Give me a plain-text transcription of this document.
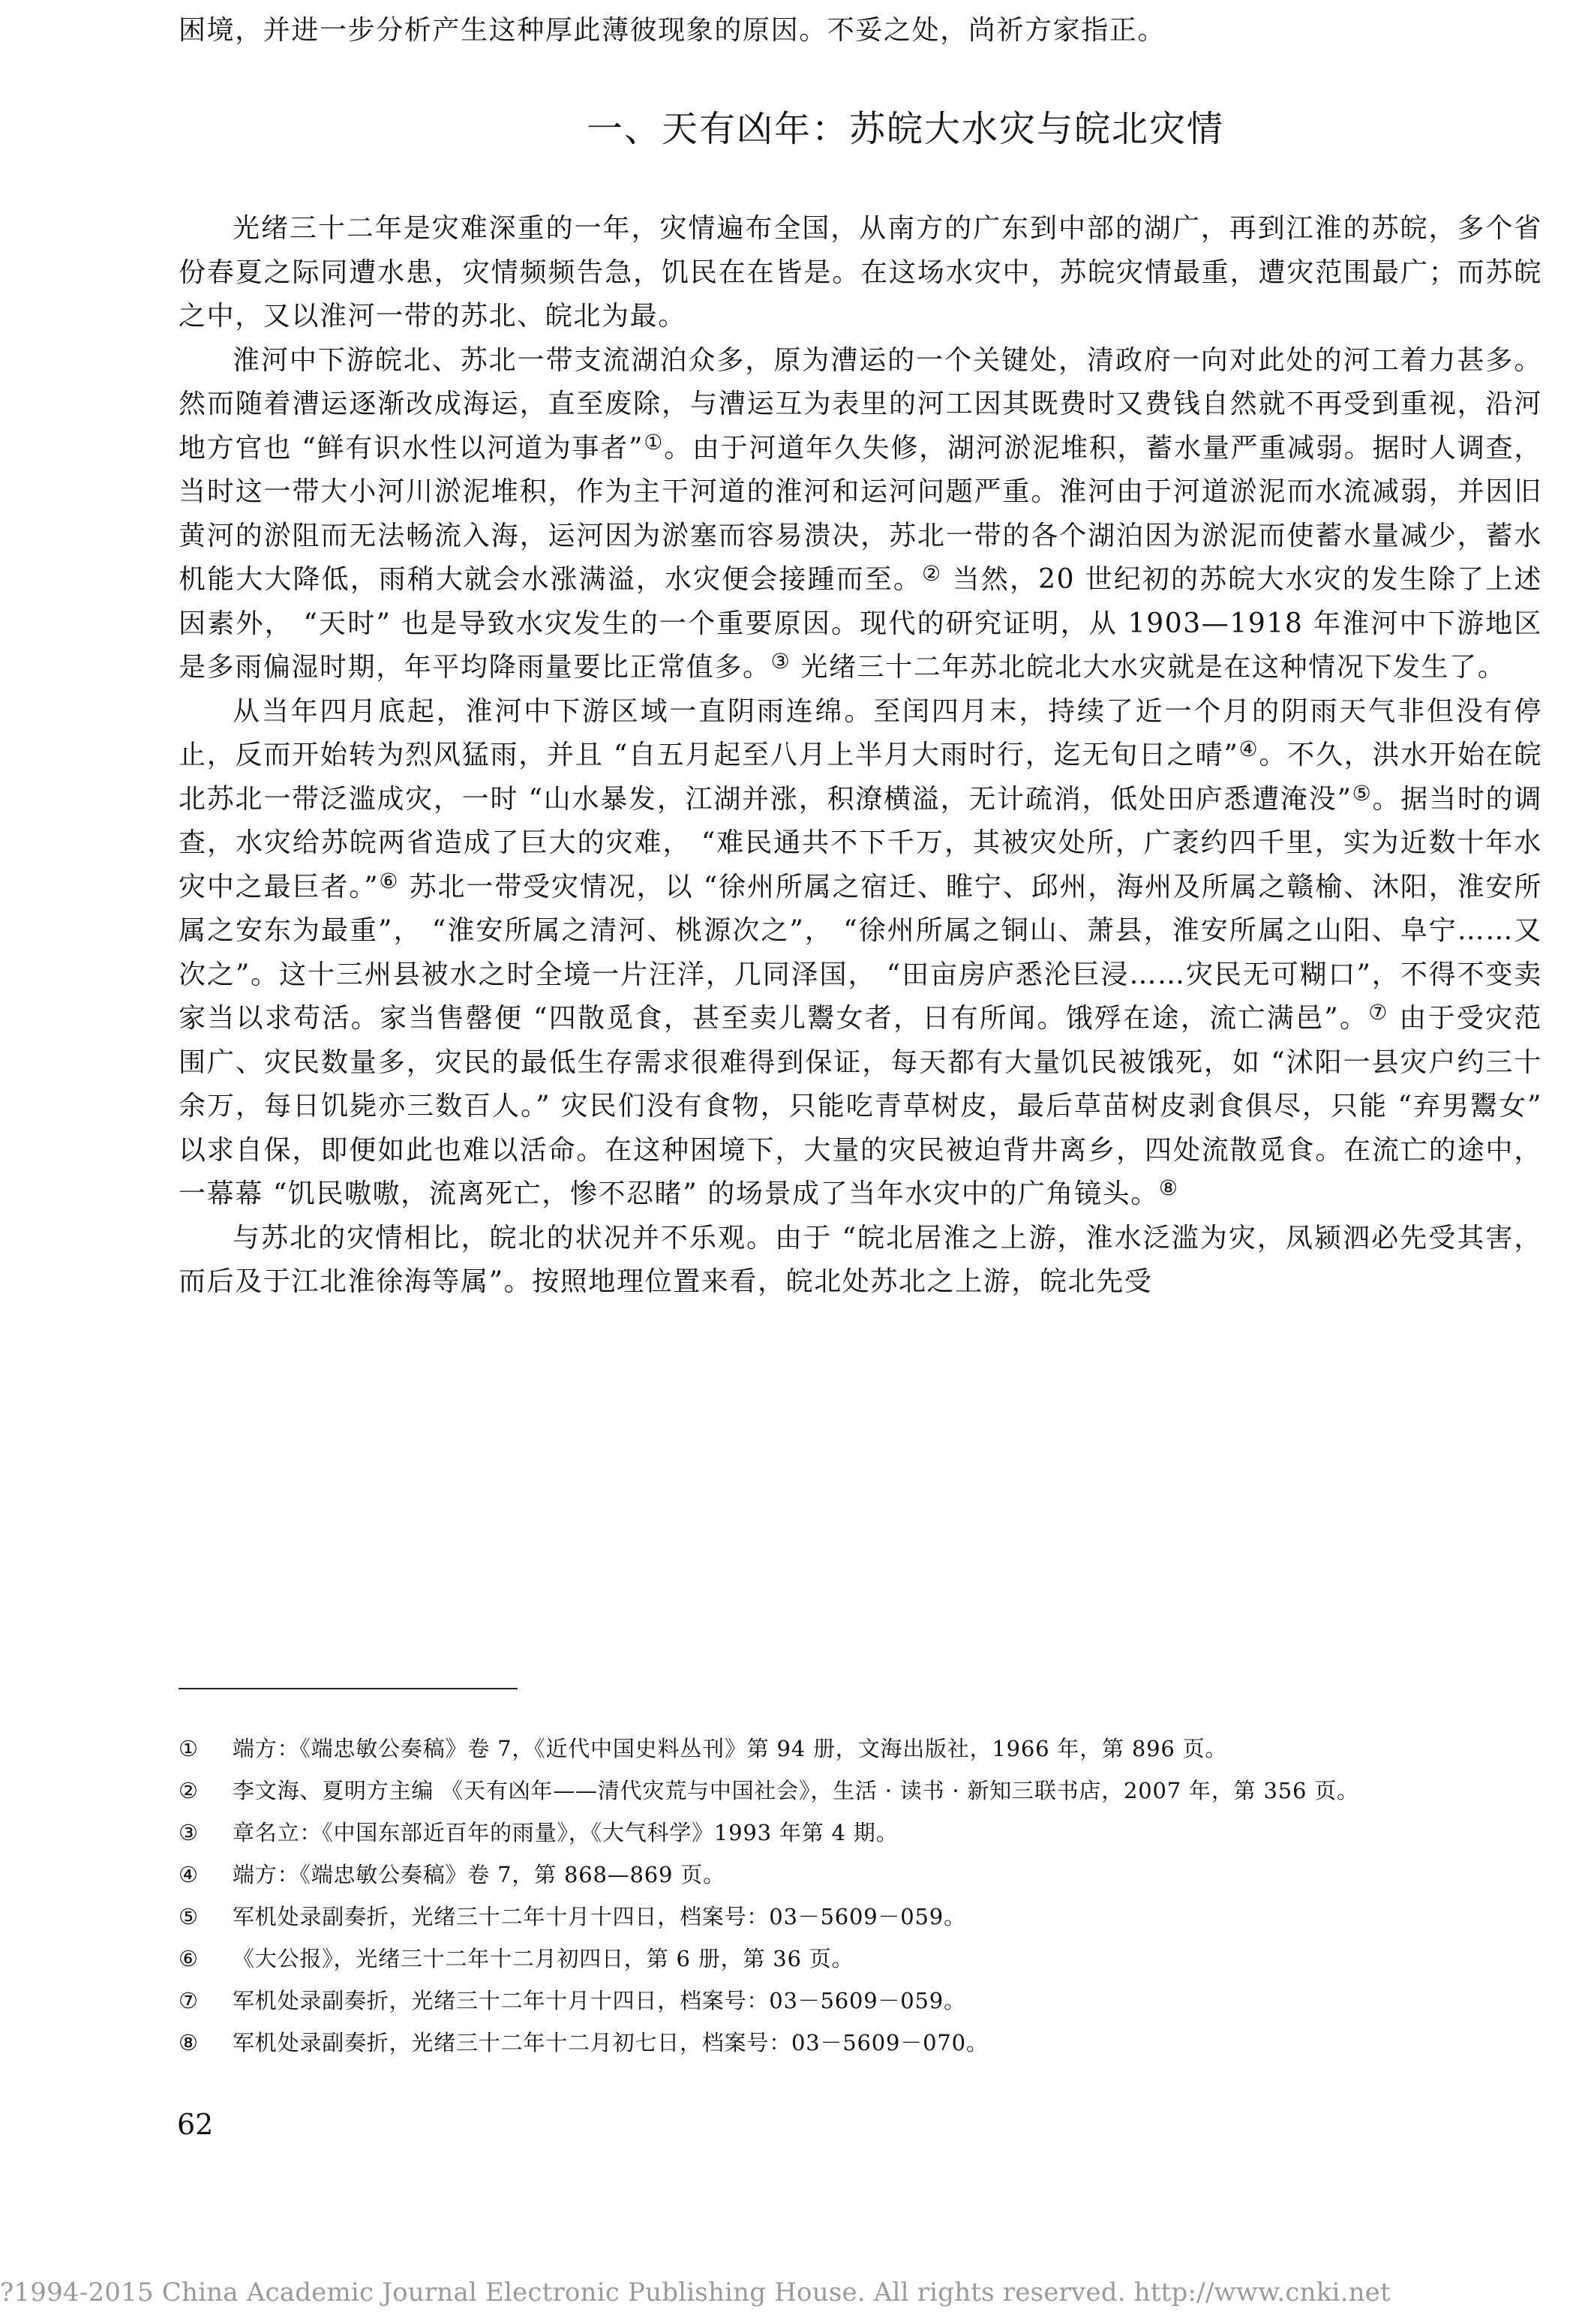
困境，并进一步分析产生这种厚此薄彼现象的原因。不妥之处，尚祈方家指正。
一、天有凶年：苏皖大水灾与皖北灾情

光绪三十二年是灾难深重的一年，灾情遍布全国，从南方的广东到中部的湖广，再到江淮的苏皖，多个省份春夏之际同遭水患，灾情频频告急，饥民在在皆是。在这场水灾中，苏皖灾情最重，遭灾范围最广；而苏皖之中，又以淮河一带的苏北、皖北为最。

淮河中下游皖北、苏北一带支流湖泊众多，原为漕运的一个关键处，清政府一向对此处的河工着力甚多。然而随着漕运逐渐改成海运，直至废除，与漕运互为表里的河工因其既费时又费钱自然就不再受到重视，沿河地方官也 “鲜有识水性以河道为事者”①。由于河道年久失修，湖河淤泥堆积，蓄水量严重减弱。据时人调查，当时这一带大小河川淤泥堆积，作为主干河道的淮河和运河问题严重。淮河由于河道淤泥而水流减弱，并因旧黄河的淤阻而无法畅流入海，运河因为淤塞而容易溃决，苏北一带的各个湖泊因为淤泥而使蓄水量减少，蓄水机能大大降低，雨稍大就会水涨满溢，水灾便会接踵而至。② 当然，20 世纪初的苏皖大水灾的发生除了上述因素外， “天时” 也是导致水灾发生的一个重要原因。现代的研究证明，从 1903—1918 年淮河中下游地区是多雨偏湿时期，年平均降雨量要比正常值多。③ 光绪三十二年苏北皖北大水灾就是在这种情况下发生了。

从当年四月底起，淮河中下游区域一直阴雨连绵。至闰四月末，持续了近一个月的阴雨天气非但没有停止，反而开始转为烈风猛雨，并且 “自五月起至八月上半月大雨时行，迄无旬日之晴”④。不久，洪水开始在皖北苏北一带泛滥成灾，一时 “山水暴发，江湖并涨，积潦横溢，无计疏消，低处田庐悉遭淹没”⑤。据当时的调查，水灾给苏皖两省造成了巨大的灾难， “难民通共不下千万，其被灾处所，广袤约四千里，实为近数十年水灾中之最巨者。”⑥ 苏北一带受灾情况，以 “徐州所属之宿迁、睢宁、邱州，海州及所属之赣榆、沐阳，淮安所属之安东为最重”， “淮安所属之清河、桃源次之”， “徐州所属之铜山、萧县，淮安所属之山阳、阜宁……又次之”。这十三州县被水之时全境一片汪洋，几同泽国， “田亩房庐悉沦巨浸……灾民无可糊口”，不得不变卖家当以求苟活。家当售罄便 “四散觅食，甚至卖儿鬻女者，日有所闻。饿殍在途，流亡满邑”。⑦ 由于受灾范围广、灾民数量多，灾民的最低生存需求很难得到保证，每天都有大量饥民被饿死，如 “沭阳一县灾户约三十余万，每日饥毙亦三数百人。” 灾民们没有食物，只能吃青草树皮，最后草苗树皮剥食俱尽，只能 “弃男鬻女” 以求自保，即便如此也难以活命。在这种困境下，大量的灾民被迫背井离乡，四处流散觅食。在流亡的途中，一幕幕 “饥民嗷嗷，流离死亡，惨不忍睹” 的场景成了当年水灾中的广角镜头。⑧

与苏北的灾情相比，皖北的状况并不乐观。由于 “皖北居淮之上游，淮水泛滥为灾，凤颍泗必先受其害，而后及于江北淮徐海等属”。按照地理位置来看，皖北处苏北之上游，皖北先受

① 端方：《端忠敏公奏稿》卷 7，《近代中国史料丛刊》第 94 册，文海出版社，1966 年，第 896 页。
② 李文海、夏明方主编 《天有凶年——清代灾荒与中国社会》，生活 · 读书 · 新知三联书店，2007 年，第 356 页。
③ 章名立：《中国东部近百年的雨量》，《大气科学》1993 年第 4 期。
④ 端方：《端忠敏公奏稿》卷 7，第 868—869 页。
⑤ 军机处录副奏折，光绪三十二年十月十四日，档案号：03－5609－059。
⑥ 《大公报》，光绪三十二年十二月初四日，第 6 册，第 36 页。
⑦ 军机处录副奏折，光绪三十二年十月十四日，档案号：03－5609－059。
⑧ 军机处录副奏折，光绪三十二年十二月初七日，档案号：03－5609－070。
62
?1994-2015 China Academic Journal Electronic Publishing House. All rights reserved. http://www.cnki.net
